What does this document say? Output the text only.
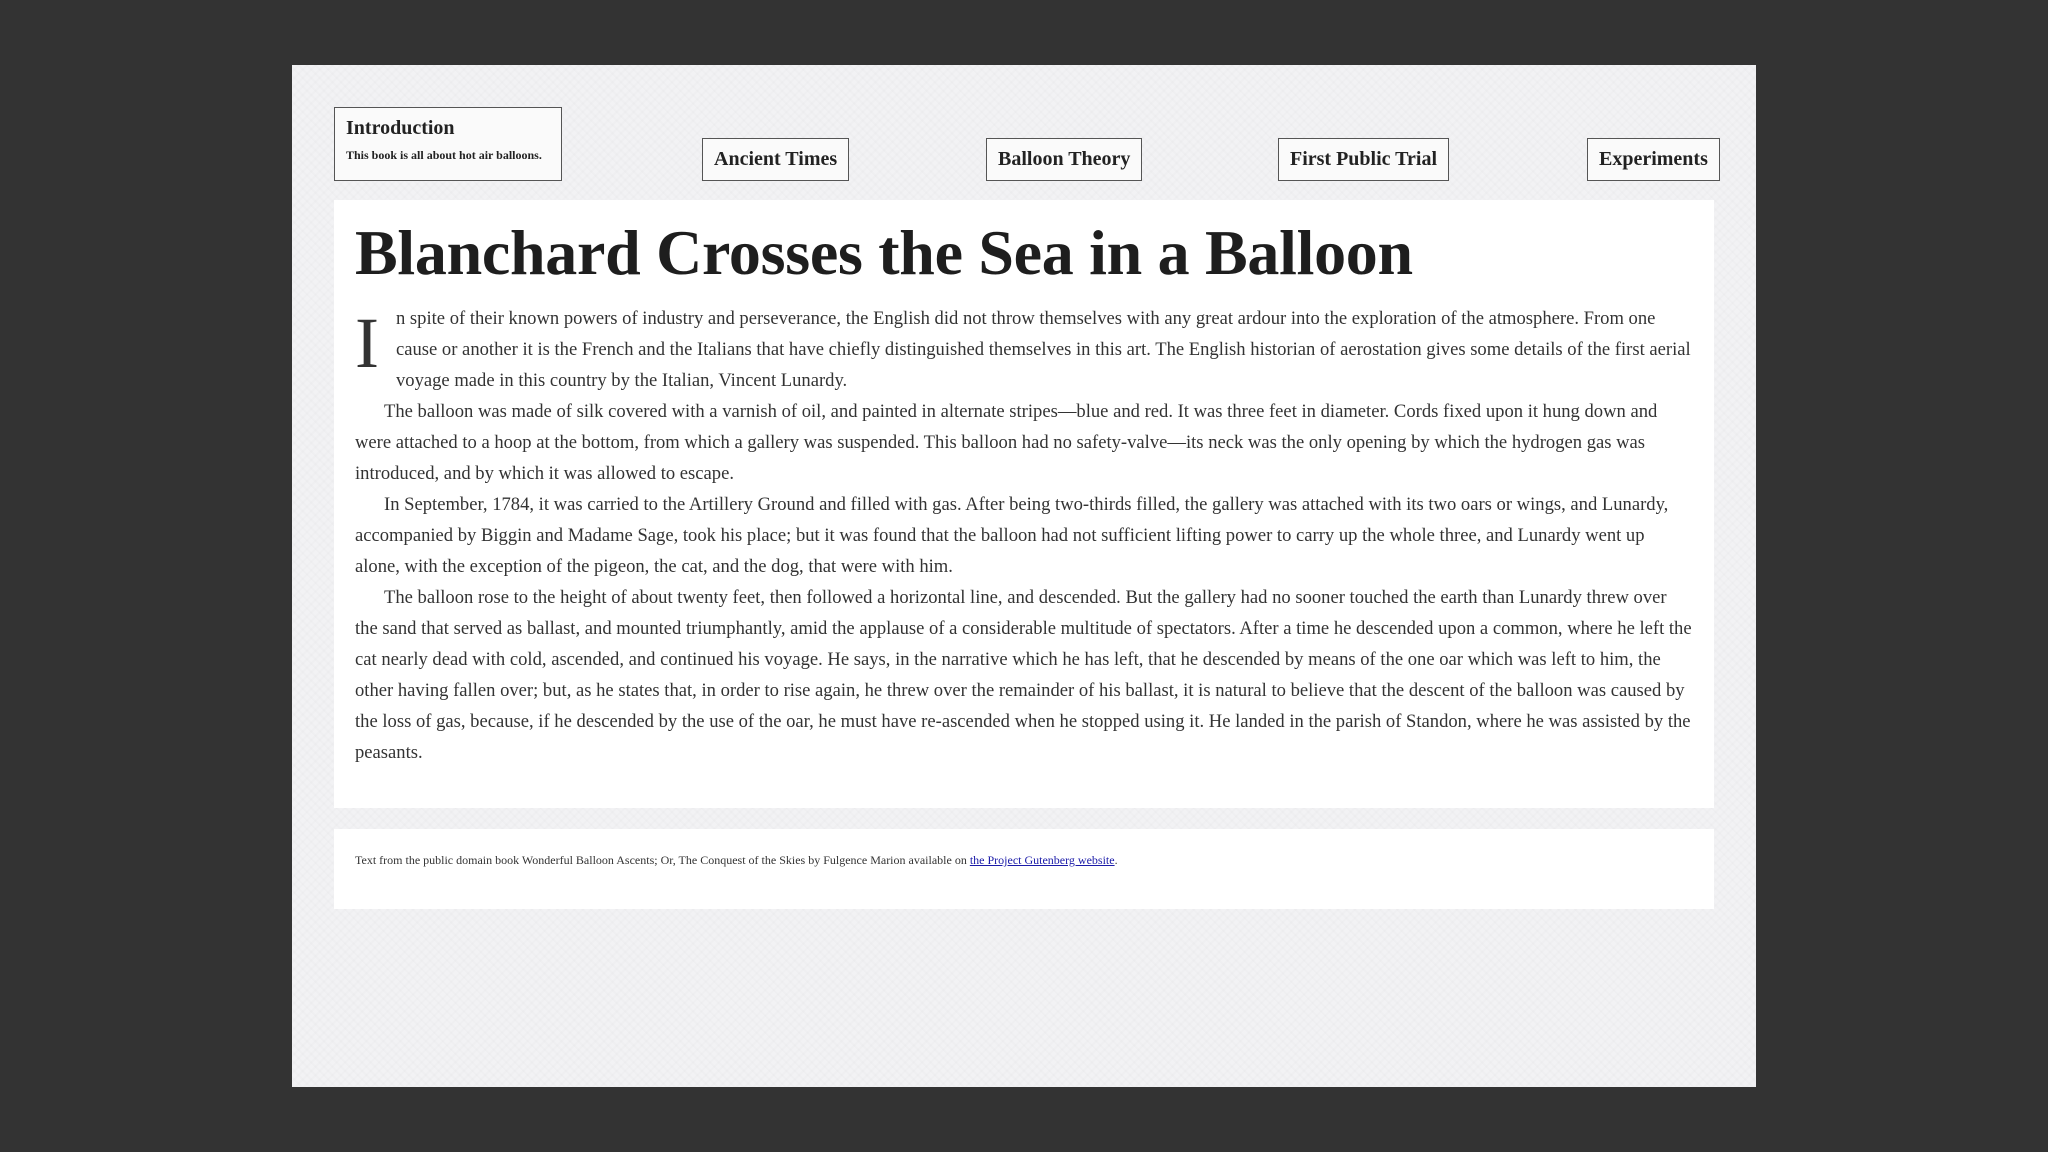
Introduction
This book is all about hot air balloons.	Ancient Times	Balloon Theory	First Public Trial	Experiments
Blanchard Crosses the Sea in a Balloon

In spite of their known powers of industry and perseverance, the English did not throw themselves with any great ardour into the exploration of the atmosphere. From one cause or another it is the French and the Italians that have chiefly distinguished themselves in this art. The English historian of aerostation gives some details of the first aerial voyage made in this country by the Italian, Vincent Lunardy.

The balloon was made of silk covered with a varnish of oil, and painted in alternate stripes—blue and red. It was three feet in diameter. Cords fixed upon it hung down and were attached to a hoop at the bottom, from which a gallery was suspended. This balloon had no safety-valve—its neck was the only opening by which the hydrogen gas was introduced, and by which it was allowed to escape.

In September, 1784, it was carried to the Artillery Ground and filled with gas. After being two-thirds filled, the gallery was attached with its two oars or wings, and Lunardy, accompanied by Biggin and Madame Sage, took his place; but it was found that the balloon had not sufficient lifting power to carry up the whole three, and Lunardy went up alone, with the exception of the pigeon, the cat, and the dog, that were with him.

The balloon rose to the height of about twenty feet, then followed a horizontal line, and descended. But the gallery had no sooner touched the earth than Lunardy threw over the sand that served as ballast, and mounted triumphantly, amid the applause of a considerable multitude of spectators. After a time he descended upon a common, where he left the cat nearly dead with cold, ascended, and continued his voyage. He says, in the narrative which he has left, that he descended by means of the one oar which was left to him, the other having fallen over; but, as he states that, in order to rise again, he threw over the remainder of his ballast, it is natural to believe that the descent of the balloon was caused by the loss of gas, because, if he descended by the use of the oar, he must have re-ascended when he stopped using it. He landed in the parish of Standon, where he was assisted by the peasants.

Text from the public domain book Wonderful Balloon Ascents; Or, The Conquest of the Skies by Fulgence Marion available on the Project Gutenberg website.
